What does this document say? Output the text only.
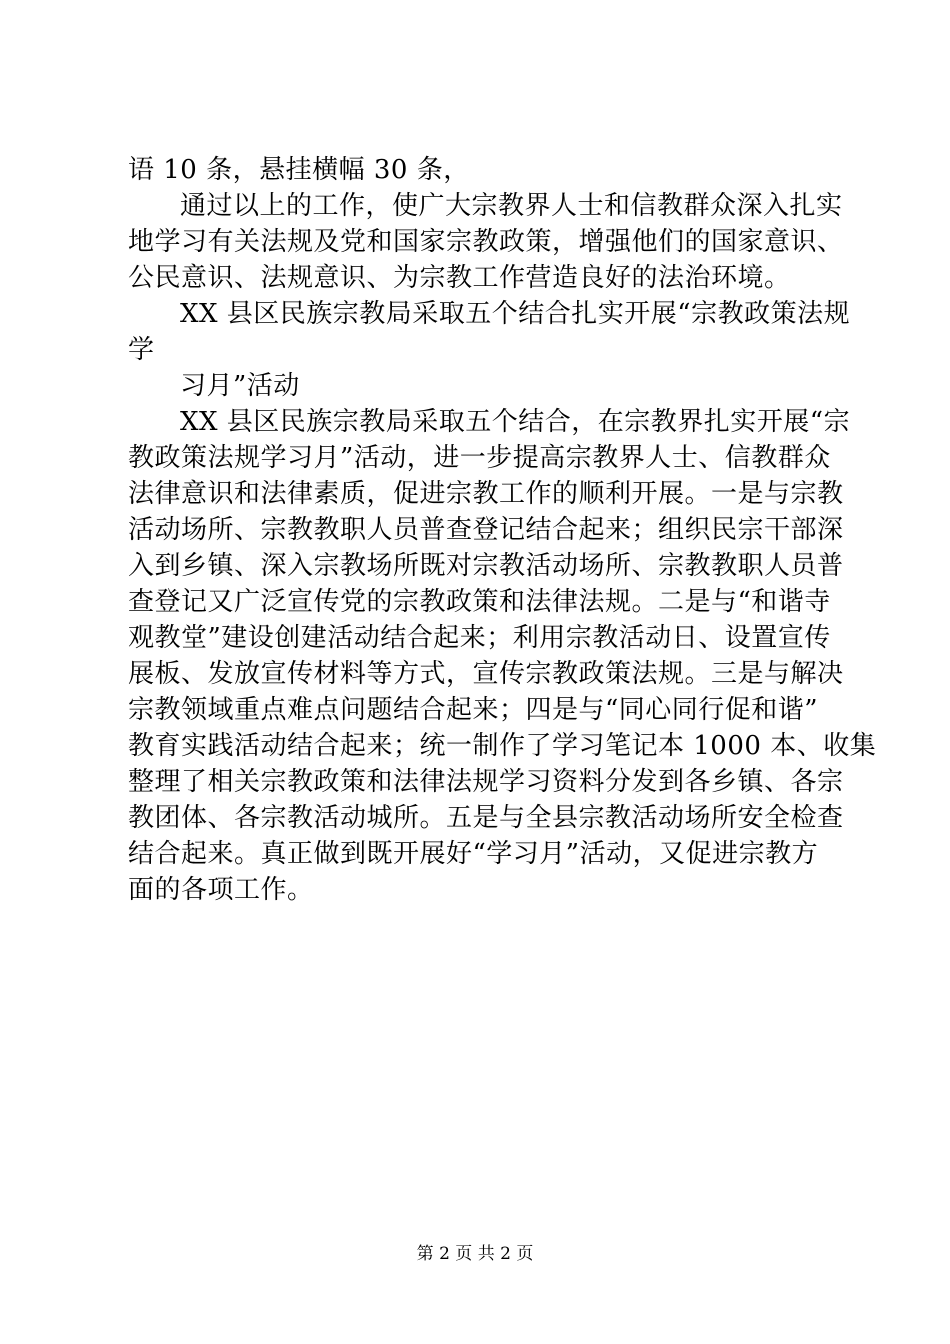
语 10 条，悬挂横幅 30 条，
通过以上的工作，使广大宗教界人士和信教群众深入扎实
地学习有关法规及党和国家宗教政策，增强他们的国家意识、
公民意识、法规意识、为宗教工作营造良好的法治环境。
XX 县区民族宗教局采取五个结合扎实开展“宗教政策法规
学
习月”活动
XX 县区民族宗教局采取五个结合，在宗教界扎实开展“宗
教政策法规学习月”活动，进一步提高宗教界人士、信教群众
法律意识和法律素质，促进宗教工作的顺利开展。一是与宗教
活动场所、宗教教职人员普查登记结合起来；组织民宗干部深
入到乡镇、深入宗教场所既对宗教活动场所、宗教教职人员普
查登记又广泛宣传党的宗教政策和法律法规。二是与“和谐寺
观教堂”建设创建活动结合起来；利用宗教活动日、设置宣传
展板、发放宣传材料等方式，宣传宗教政策法规。三是与解决
宗教领域重点难点问题结合起来；四是与“同心同行促和谐”
教育实践活动结合起来；统一制作了学习笔记本 1000 本、收集
整理了相关宗教政策和法律法规学习资料分发到各乡镇、各宗
教团体、各宗教活动城所。五是与全县宗教活动场所安全检查
结合起来。真正做到既开展好“学习月”活动，又促进宗教方
面的各项工作。
第 2 页 共 2 页
